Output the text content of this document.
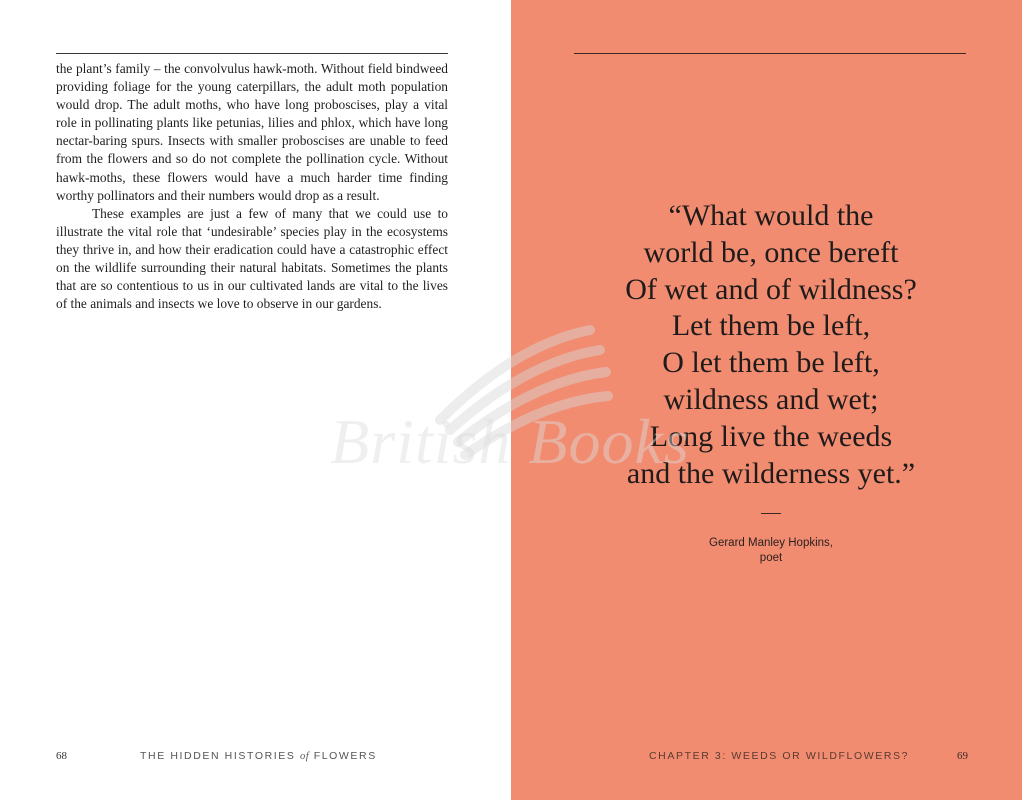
the plant’s family – the convolvulus hawk-moth. Without field bindweed providing foliage for the young caterpillars, the adult moth population would drop. The adult moths, who have long proboscises, play a vital role in pollinating plants like petunias, lilies and phlox, which have long nectar-baring spurs. Insects with smaller proboscises are unable to feed from the flowers and so do not complete the pollination cycle. Without hawk-moths, these flowers would have a much harder time finding worthy pollinators and their numbers would drop as a result.

These examples are just a few of many that we could use to illustrate the vital role that ‘undesirable’ species play in the ecosystems they thrive in, and how their eradication could have a catastrophic effect on the wildlife surrounding their natural habitats. Sometimes the plants that are so contentious to us in our cultivated lands are vital to the lives of the animals and insects we love to observe in our gardens.

68	THE HIDDEN HISTORIES of FLOWERS
“What would the
world be, once bereft
Of wet and of wildness?
Let them be left,
O let them be left,
wildness and wet;
Long live the weeds
and the wilderness yet.”
Gerard Manley Hopkins,
poet
CHAPTER 3: WEEDS OR WILDFLOWERS?	69
British Books
